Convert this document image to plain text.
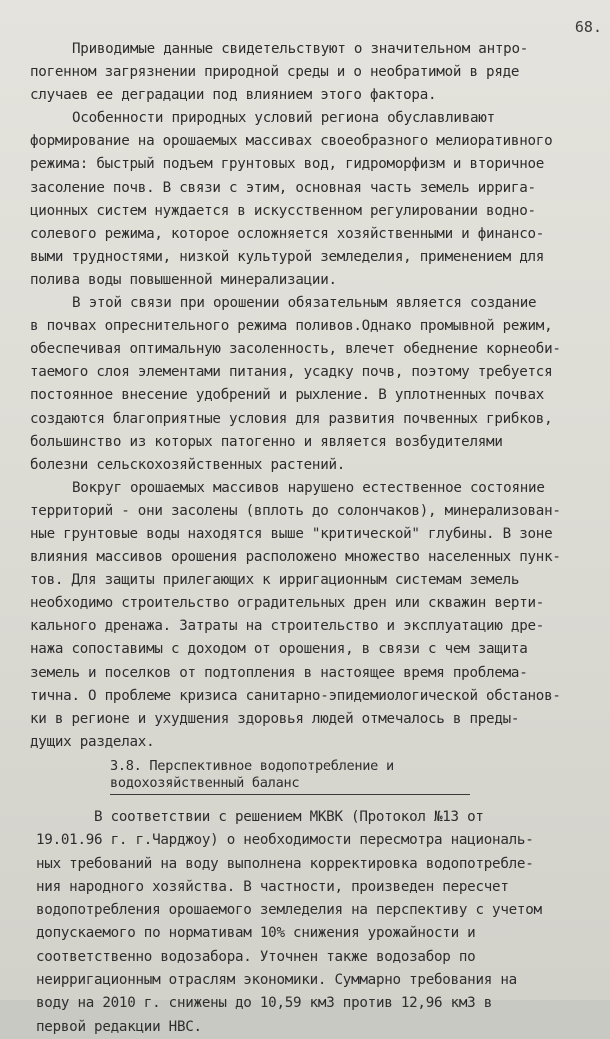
68.
Приводимые данные свидетельствуют о значительном антро-
погенном загрязнении природной среды и о необратимой в ряде
случаев ее деградации под влиянием этого фактора.
Особенности природных условий региона обуславливают
формирование на орошаемых массивах своеобразного мелиоративного
режима: быстрый подъем грунтовых вод, гидроморфизм и вторичное
засоление почв. В связи с этим, основная часть земель иррига-
ционных систем нуждается в искусственном регулировании водно-
солевого режима, которое осложняется хозяйственными и финансо-
выми трудностями, низкой культурой земледелия, применением для
полива воды повышенной минерализации.
В этой связи при орошении обязательным является создание
в почвах опреснительного режима поливов.Однако промывной режим,
обеспечивая оптимальную засоленность, влечет обеднение корнеоби-
таемого слоя элементами питания, усадку почв, поэтому требуется
постоянное внесение удобрений и рыхление. В уплотненных почвах
создаются благоприятные условия для развития почвенных грибков,
большинство из которых патогенно и является возбудителями
болезни сельскохозяйственных растений.
Вокруг орошаемых массивов нарушено естественное состояние
территорий - они засолены (вплоть до солончаков), минерализован-
ные грунтовые воды находятся выше "критической" глубины. В зоне
влияния массивов орошения расположено множество населенных пунк-
тов. Для защиты прилегающих к ирригационным системам земель
необходимо строительство оградительных дрен или скважин верти-
кального дренажа. Затраты на строительство и эксплуатацию дре-
нажа сопоставимы с доходом от орошения, в связи с чем защита
земель и поселков от подтопления в настоящее время проблема-
тична. О проблеме кризиса санитарно-эпидемиологической обстанов-
ки в регионе и ухудшения здоровья людей отмечалось в преды-
дущих разделах.
3.8. Перспективное водопотребление и
водохозяйственный баланс
В соответствии с решением МКВК (Протокол №13 от
19.01.96 г. г.Чарджоу) о необходимости пересмотра националь-
ных требований на воду выполнена корректировка водопотребле-
ния народного хозяйства. В частности, произведен пересчет
водопотребления орошаемого земледелия на перспективу с учетом
допускаемого по нормативам 10% снижения урожайности и
соответственно водозабора. Уточнен также водозабор по
неирригационным отраслям экономики. Суммарно требования на
воду на 2010 г. снижены до 10,59 км3 против 12,96 км3 в
первой редакции НВС.
